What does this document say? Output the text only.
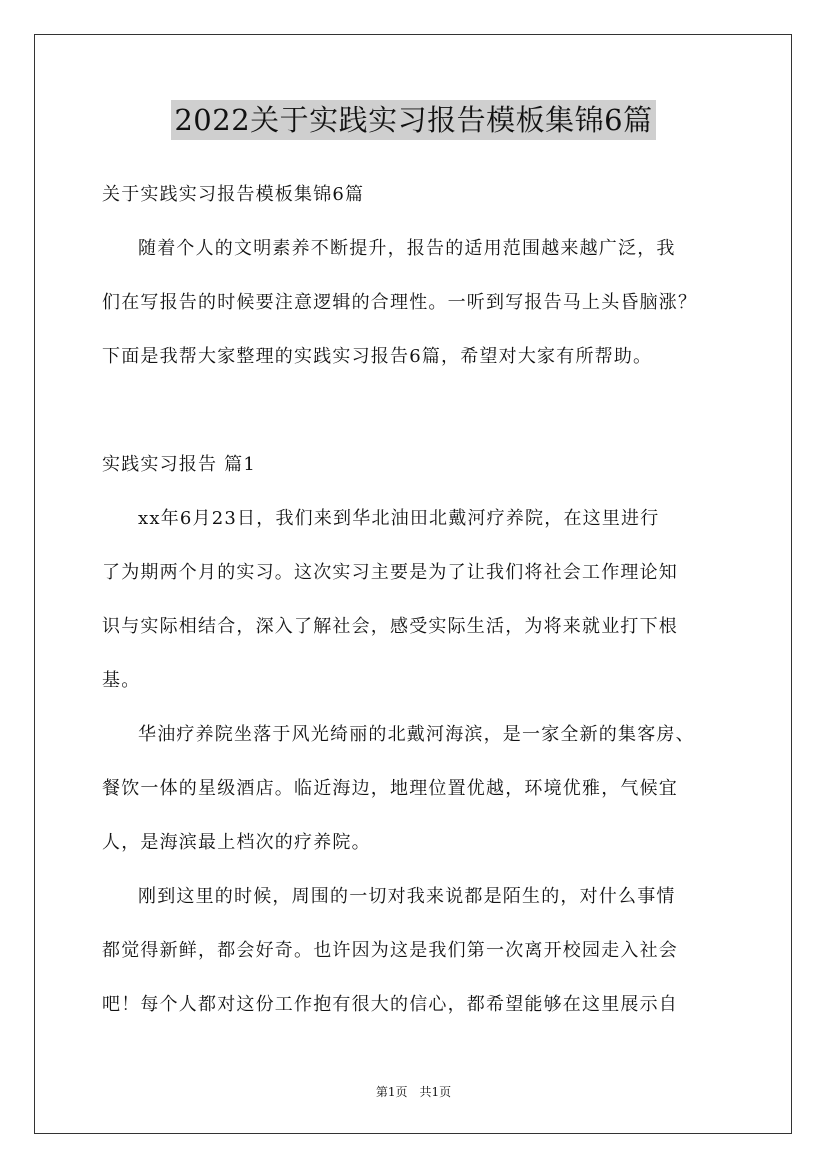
2022关于实践实习报告模板集锦6篇
关于实践实习报告模板集锦6篇
随着个人的文明素养不断提升，报告的适用范围越来越广泛，我
们在写报告的时候要注意逻辑的合理性。一听到写报告马上头昏脑涨？
下面是我帮大家整理的实践实习报告6篇，希望对大家有所帮助。
实践实习报告 篇1
xx年6月23日，我们来到华北油田北戴河疗养院，在这里进行
了为期两个月的实习。这次实习主要是为了让我们将社会工作理论知
识与实际相结合，深入了解社会，感受实际生活，为将来就业打下根
基。
华油疗养院坐落于风光绮丽的北戴河海滨，是一家全新的集客房、
餐饮一体的星级酒店。临近海边，地理位置优越，环境优雅，气候宜
人，是海滨最上档次的疗养院。
刚到这里的时候，周围的一切对我来说都是陌生的，对什么事情
都觉得新鲜，都会好奇。也许因为这是我们第一次离开校园走入社会
吧！每个人都对这份工作抱有很大的信心，都希望能够在这里展示自
第1页　共1页
